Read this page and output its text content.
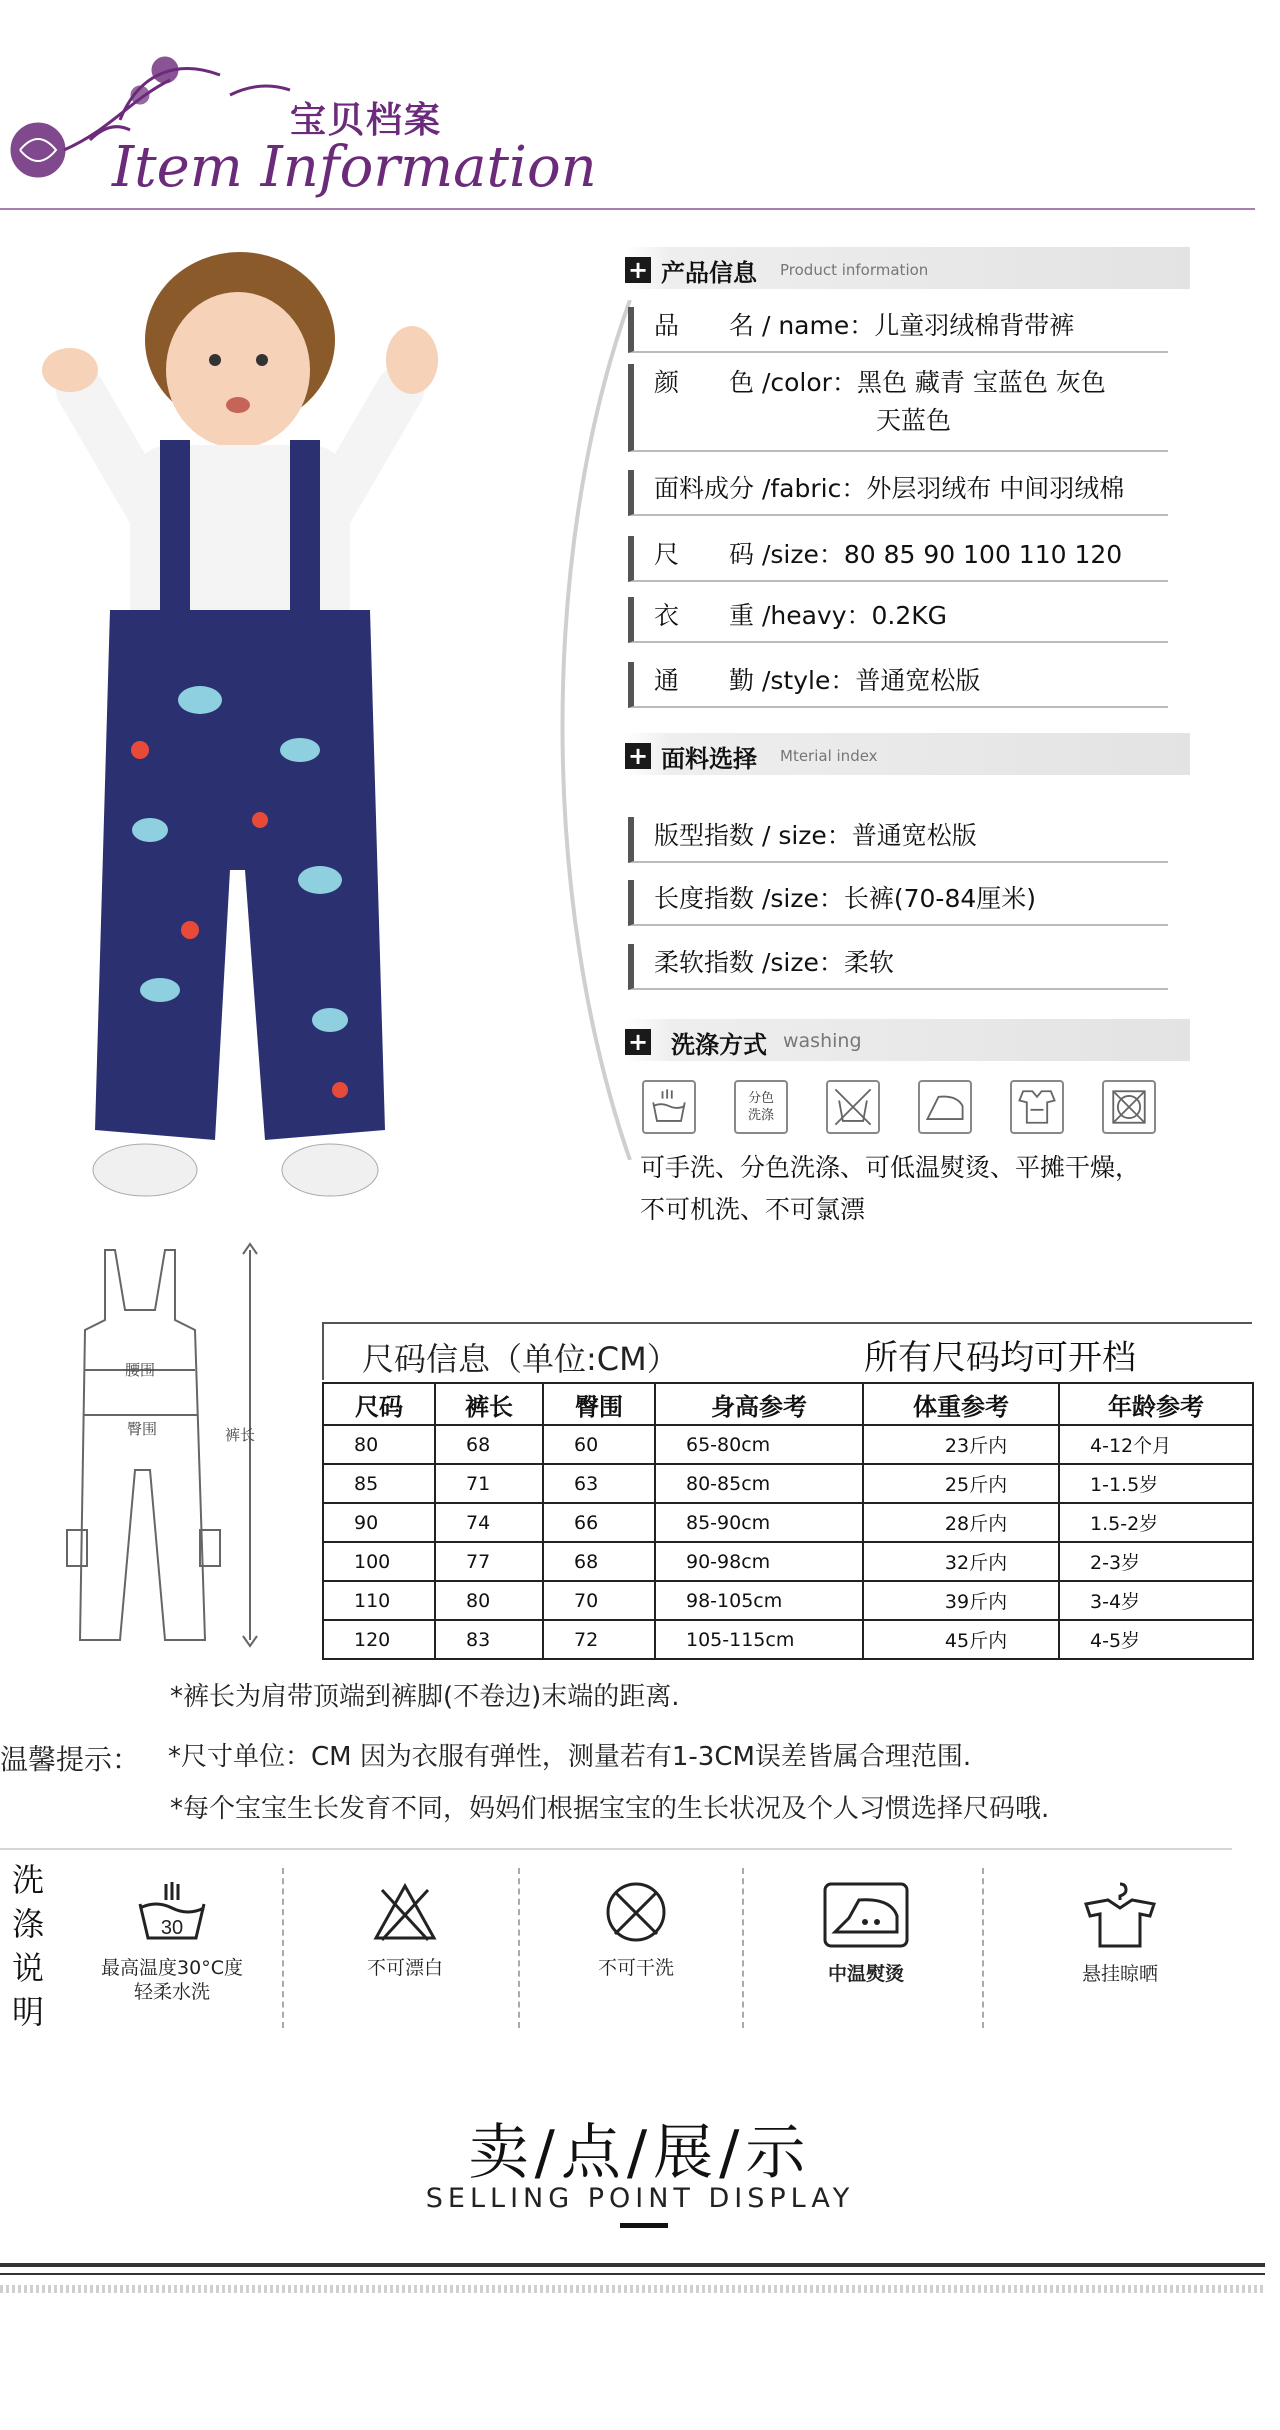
宝贝档案
Item Information
+ 产品信息 Product information
品　　名 / name：儿童羽绒棉背带裤
颜　　色 /color：黑色 藏青 宝蓝色 灰色
天蓝色
面料成分 /fabric：外层羽绒布 中间羽绒棉
尺　　码 /size：80 85 90 100 110 120
衣　　重 /heavy：0.2KG
通　　勤 /style：普通宽松版
+ 面料选择 Mterial index
版型指数 / size：普通宽松版
长度指数 /size：长裤(70-84厘米)
柔软指数 /size：柔软
+ 洗涤方式 washing
分色
洗涤
可手洗、分色洗涤、可低温熨烫、平摊干燥，
不可机洗、不可氯漂
腰围
臀围	裤长
尺码信息（单位:CM）	所有尺码均可开档
尺码	裤长	臀围	身高参考	体重参考	年龄参考
80	68	60	65-80cm	23斤内	4-12个月
85	71	63	80-85cm	25斤内	1-1.5岁
90	74	66	85-90cm	28斤内	1.5-2岁
100	77	68	90-98cm	32斤内	2-3岁
110	80	70	98-105cm	39斤内	3-4岁
120	83	72	105-115cm	45斤内	4-5岁
*裤长为肩带顶端到裤脚(不卷边)末端的距离.
温馨提示： *尺寸单位：CM 因为衣服有弹性，测量若有1-3CM误差皆属合理范围.
*每个宝宝生长发育不同，妈妈们根据宝宝的生长状况及个人习惯选择尺码哦.
洗涤说明
30
最高温度30°C度
轻柔水洗
不可漂白	不可干洗	中温熨烫	悬挂晾晒
卖/点/展/示
SELLING POINT DISPLAY
